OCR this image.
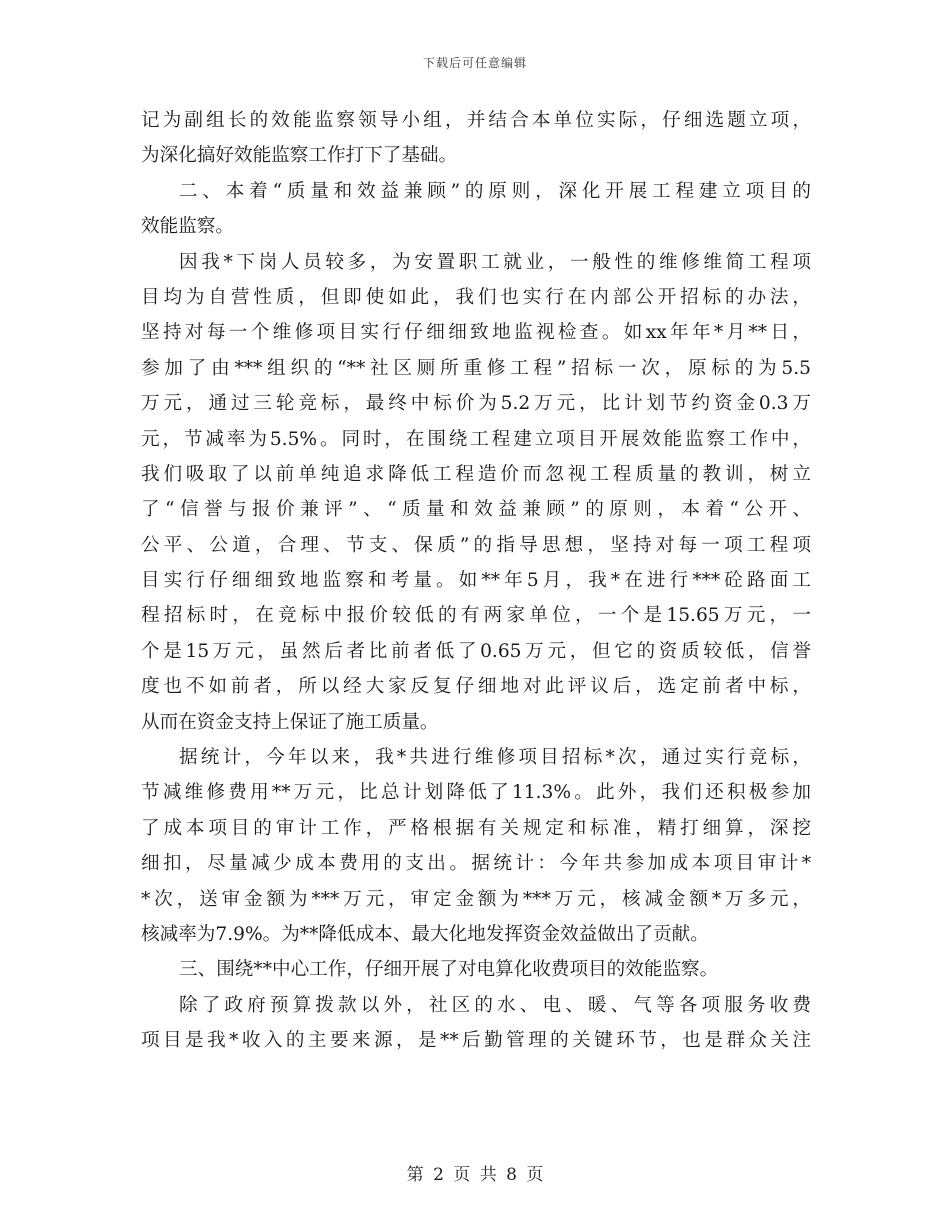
下载后可任意编辑
记为副组长的效能监察领导小组，并结合本单位实际，仔细选题立项，
为深化搞好效能监察工作打下了基础。
二、本着“质量和效益兼顾”的原则，深化开展工程建立项目的
效能监察。
因我*下岗人员较多，为安置职工就业，一般性的维修维简工程项
目均为自营性质，但即使如此，我们也实行在内部公开招标的办法，
坚持对每一个维修项目实行仔细细致地监视检查。如xx年年*月**日，
参加了由***组织的“**社区厕所重修工程”招标一次，原标的为5.5
万元，通过三轮竞标，最终中标价为5.2万元，比计划节约资金0.3万
元，节减率为5.5%。同时，在围绕工程建立项目开展效能监察工作中，
我们吸取了以前单纯追求降低工程造价而忽视工程质量的教训，树立
了“信誉与报价兼评”、“质量和效益兼顾”的原则，本着“公开、
公平、公道，合理、节支、保质”的指导思想，坚持对每一项工程项
目实行仔细细致地监察和考量。如**年5月，我*在进行***砼路面工
程招标时，在竞标中报价较低的有两家单位，一个是15.65万元，一
个是15万元，虽然后者比前者低了0.65万元，但它的资质较低，信誉
度也不如前者，所以经大家反复仔细地对此评议后，选定前者中标，
从而在资金支持上保证了施工质量。
据统计，今年以来，我*共进行维修项目招标*次，通过实行竞标，
节减维修费用**万元，比总计划降低了11.3%。此外，我们还积极参加
了成本项目的审计工作，严格根据有关规定和标准，精打细算，深挖
细扣，尽量减少成本费用的支出。据统计：今年共参加成本项目审计*
*次，送审金额为***万元，审定金额为***万元，核减金额*万多元，
核减率为7.9%。为**降低成本、最大化地发挥资金效益做出了贡献。
三、围绕**中心工作，仔细开展了对电算化收费项目的效能监察。
除了政府预算拨款以外，社区的水、电、暖、气等各项服务收费
项目是我*收入的主要来源，是**后勤管理的关键环节，也是群众关注
第 2 页 共 8 页
